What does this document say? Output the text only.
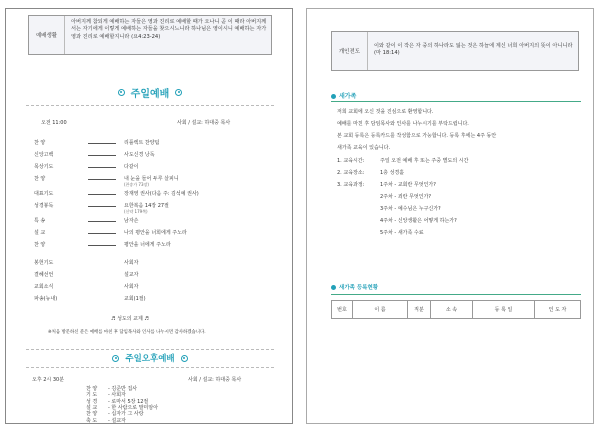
예배생활
아버지께 참되게 예배하는 자들은 영과 진리로 예배할 때가 오나니 곧 이 때라 아버지께서는 자기에게 이렇게 예배하는 자들을 찾으시느니라 하나님은 영이시니 예배하는 자가 영과 진리로 예배할지니라 (요4:23-24)
주일예배
오전 11:00	사회 / 설교: 하대중 목사
찬 양	리플렉트 찬양팀
신앙고백	사도신경 낭독
목상기도	다같이
찬 양	내 눈을 들어 두루 살피니
(찬송가 73장)
대표기도	장재영 권사(다음 주: 김석예 권사)
성경봉독	요한복음 14장 27절
(신약 179쪽)
특 송	남자손
설 교	나의 평안을 너희에게 주노라
찬 양	평안을 너에게 주노라
봉헌기도	사회자
결혜선언	설교자
교회소식	사회자
파송(뉴내)	교회(1절)
♬ 성도의 교제 ♬
※처음 방문하신 분은 예배를 마친 후 담임목사와 인사를 나누시면 감사하겠습니다.
주일오후예배
오후 2시 30분	사회 / 설교: 하대중 목사
찬 양 - 김준반 집사
기 도 - 사회자
성 경 - 로마서 5장 12절
설 교 - 한 사람으로 말미암아
찬 양 - 십자가 그 사랑
축 도 - 설교자
개인전도
이와 같이 이 작은 자 중의 하나라도 잃는 것은 하늘에 계신 너희 아버지의 뜻이 아니니라 (마 18:14)
새가족
저희 교회에 오신 것을 진심으로 환영합니다.
예배를 마친 후 담임목사와 인사를 나누시기를 부탁드립니다.
본 교회 등록은 등록카드를 작성함으로 가능합니다. 등록 후에는 4주 동안
새가족 교육이 있습니다.
1. 교육시간:	주일 오전 예배 후 또는 주중 별도의 시간
2. 교육장소:	1층 성경홀
3. 교육과정:	1주차 - 교회란 무엇인가?
2주차 - 죄란 무엇인가?
3주차 - 예수님은 누구신가?
4주차 - 신앙생활은 어떻게 하는가?
5주차 - 새가족 수료
새가족 등록현황
번호	이 름	직분	소 속	등 록 일	인 도 자
